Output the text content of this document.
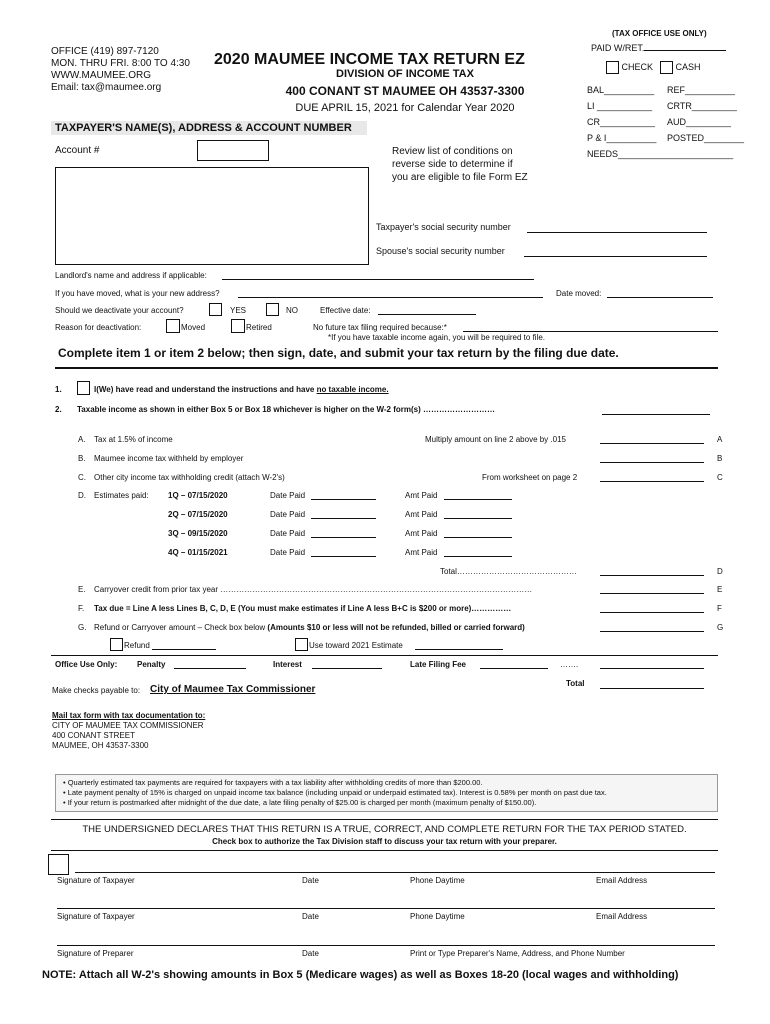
OFFICE (419) 897-7120
MON. THRU FRI. 8:00 TO 4:30
WWW.MAUMEE.ORG
Email: tax@maumee.org
2020 MAUMEE INCOME TAX RETURN EZ
DIVISION OF INCOME TAX
400 CONANT ST MAUMEE OH 43537-3300
DUE APRIL 15, 2021 for Calendar Year 2020
(TAX OFFICE USE ONLY)
PAID W/RET.
CHECK	CASH
BAL__________ REF__________
LI ___________ CRTR_________
CR___________ AUD_________
P & I__________ POSTED________
NEEDS_______________________
TAXPAYER'S NAME(S), ADDRESS & ACCOUNT NUMBER
Account #	Review list of conditions on
reverse side to determine if
you are eligible to file Form EZ
Taxpayer's social security number
Spouse's social security number
Landlord's name and address if applicable:
If you have moved, what is your new address?	Date moved:
Should we deactivate your account?	YES	NO	Effective date:
Reason for deactivation:	Moved	Retired	No future tax filing required because:*
*If you have taxable income again, you will be required to file.
Complete item 1 or item 2 below; then sign, date, and submit your tax return by the filing due date.
1.	I(We) have read and understand the instructions and have no taxable income.
2. Taxable income as shown in either Box 5 or Box 18 whichever is higher on the W-2 form(s) ………………………
A. Tax at 1.5% of income	Multiply amount on line 2 above by .015	A
B. Maumee income tax withheld by employer	B
C. Other city income tax withholding credit (attach W-2's)	From worksheet on page 2	C
D. Estimates paid: 1Q – 07/15/2020	Date Paid	Amt Paid
2Q – 07/15/2020	Date Paid	Amt Paid
3Q – 09/15/2020	Date Paid	Amt Paid
4Q – 01/15/2021	Date Paid	Amt Paid
Total………………………………………	D
E. Carryover credit from prior tax year ………………………………………………………………………………………………………	E
F. Tax due = Line A less Lines B, C, D, E (You must make estimates if Line A less B+C is $200 or more)……………	F
G. Refund or Carryover amount – Check box below (Amounts $10 or less will not be refunded, billed or carried forward)	G
Refund	Use toward 2021 Estimate
Office Use Only: Penalty	Interest	Late Filing Fee	…….
Make checks payable to: City of Maumee Tax Commissioner
Total
Mail tax form with tax documentation to:
CITY OF MAUMEE TAX COMMISSIONER
400 CONANT STREET
MAUMEE, OH 43537-3300
• Quarterly estimated tax payments are required for taxpayers with a tax liability after withholding credits of more than $200.00.
• Late payment penalty of 15% is charged on unpaid income tax balance (including unpaid or underpaid estimated tax). Interest is 0.58% per month on past due tax.
• If your return is postmarked after midnight of the due date, a late filing penalty of $25.00 is charged per month (maximum penalty of $150.00).
THE UNDERSIGNED DECLARES THAT THIS RETURN IS A TRUE, CORRECT, AND COMPLETE RETURN FOR THE TAX PERIOD STATED.
Check box to authorize the Tax Division staff to discuss your tax return with your preparer.
Signature of Taxpayer	Date	Phone Daytime	Email Address
Signature of Taxpayer	Date	Phone Daytime	Email Address
Signature of Preparer	Date	Print or Type Preparer's Name, Address, and Phone Number
NOTE: Attach all W-2's showing amounts in Box 5 (Medicare wages) as well as Boxes 18-20 (local wages and withholding)
